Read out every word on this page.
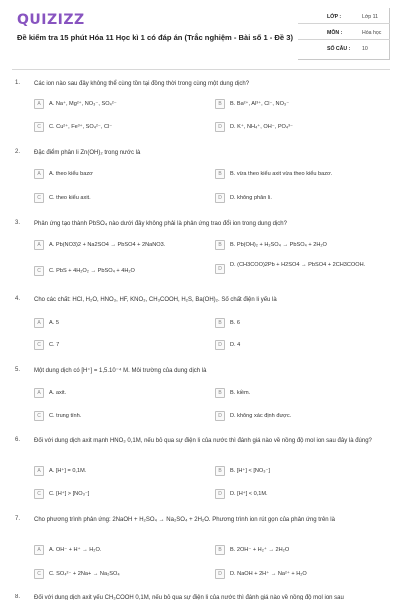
QUIZIZZ
Đề kiểm tra 15 phút Hóa 11 Học kì 1 có đáp án (Trắc nghiệm - Bài số 1 - Đề 3)
LỚP :	Lớp 11
MÔN :	Hóa học
SỐ CÂU : 10
1. Các ion nào sau đây không thể cùng tồn tại đồng thời trong cùng một dung dịch?
A	A. Na⁺, Mg²⁺, NO₃⁻, SO₄²⁻	B	B. Ba²⁺, Al³⁺, Cl⁻, NO₃⁻
C	C. Cu²⁺, Fe³⁺, SO₄²⁻, Cl⁻	D	D. K⁺, NH₄⁺, OH⁻, PO₄³⁻
2. Đặc điểm phân li Zn(OH)₂ trong nước là
A	A. theo kiểu bazơ	B	B. vừa theo kiểu axit vừa theo kiểu bazơ.
C	C. theo kiểu axit.	D	D. không phân li.
3. Phản ứng tạo thành PbSO₄ nào dưới đây không phải là phản ứng trao đổi ion trong dung dịch?
A	A. Pb(NO3)2 + Na2SO4 → PbSO4 + 2NaNO3.	B	B. Pb(OH)₂ + H₂SO₄ → PbSO₄ + 2H₂O
C	C. PbS + 4H₂O₂ → PbSO₄ + 4H₂O	D
D. (CH3COO)2Pb + H2SO4 → PbSO4 + 2CH3COOH.
4. Cho các chất: HCl, H₂O, HNO₃, HF, KNO₃, CH₃COOH, H₂S, Ba(OH)₂. Số chất điện li yếu là
A	A. 5	B	B. 6
C	C. 7	D	D. 4
5. Một dung dịch có [H⁺] = 1,5.10⁻⁴ M. Môi trường của dung dịch là
A	A. axit.	B	B. kiềm.
C	C. trung tính.	D	D. không xác định được.
6. Đối với dung dịch axit mạnh HNO₃ 0,1M, nếu bỏ qua sự điện li của nước thì đánh giá nào về nồng độ mol ion sau đây là đúng?
A	A. [H⁺] = 0,1M.	B	B. [H⁺] < [NO₃⁻]
C	C. [H⁺] > [NO₃⁻]	D	D. [H⁺] < 0,1M.
7. Cho phương trình phản ứng: 2NaOH + H₂SO₄ → Na₂SO₄ + 2H₂O. Phương trình ion rút gọn của phản ứng trên là
A	A. OH⁻ + H⁺ → H₂O.	B	B. 2OH⁻ + H₂⁺ → 2H₂O
C	C. SO₄²⁻ + 2Na+ → Na₂SO₄	D	D. NaOH + 2H⁺ → Na²⁺ + H₂O
8. Đối với dung dịch axit yếu CH₃COOH 0,1M, nếu bỏ qua sự điện li của nước thì đánh giá nào về nồng độ mol ion sau
